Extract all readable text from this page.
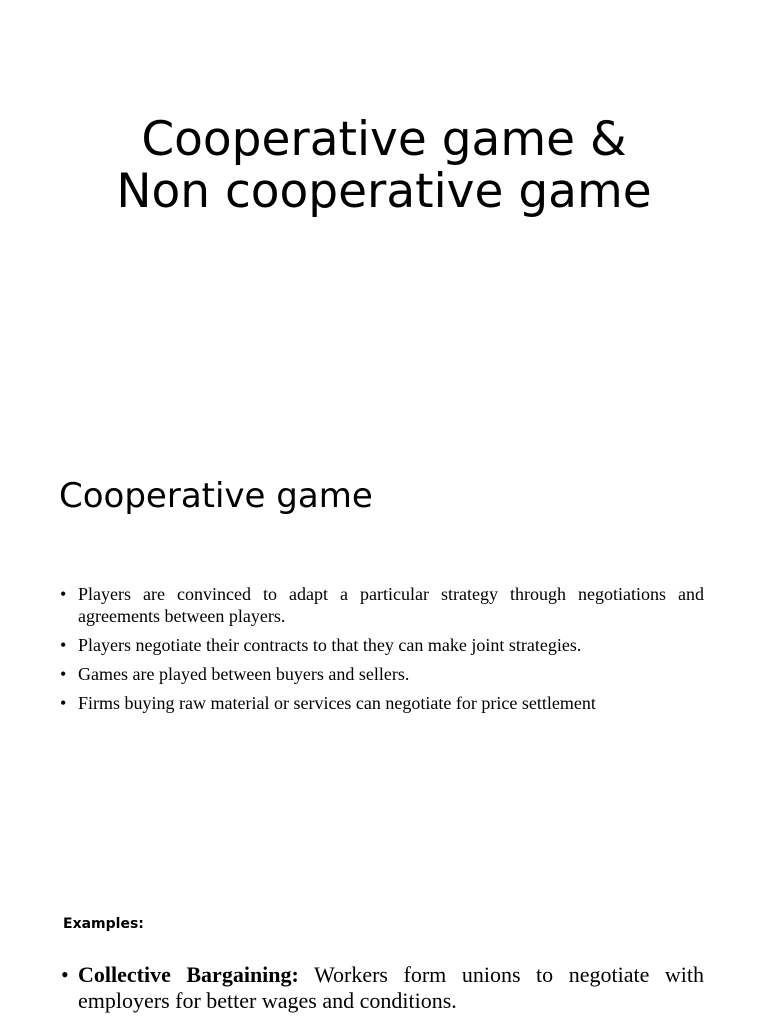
Cooperative game &
Non cooperative game
Cooperative game
• Players are convinced to adapt a particular strategy through negotiations and agreements between players.
• Players negotiate their contracts to that they can make joint strategies.
• Games are played between buyers and sellers.
• Firms buying raw material or services can negotiate for price settlement
Examples:
• Collective Bargaining: Workers form unions to negotiate with employers for better wages and conditions.
